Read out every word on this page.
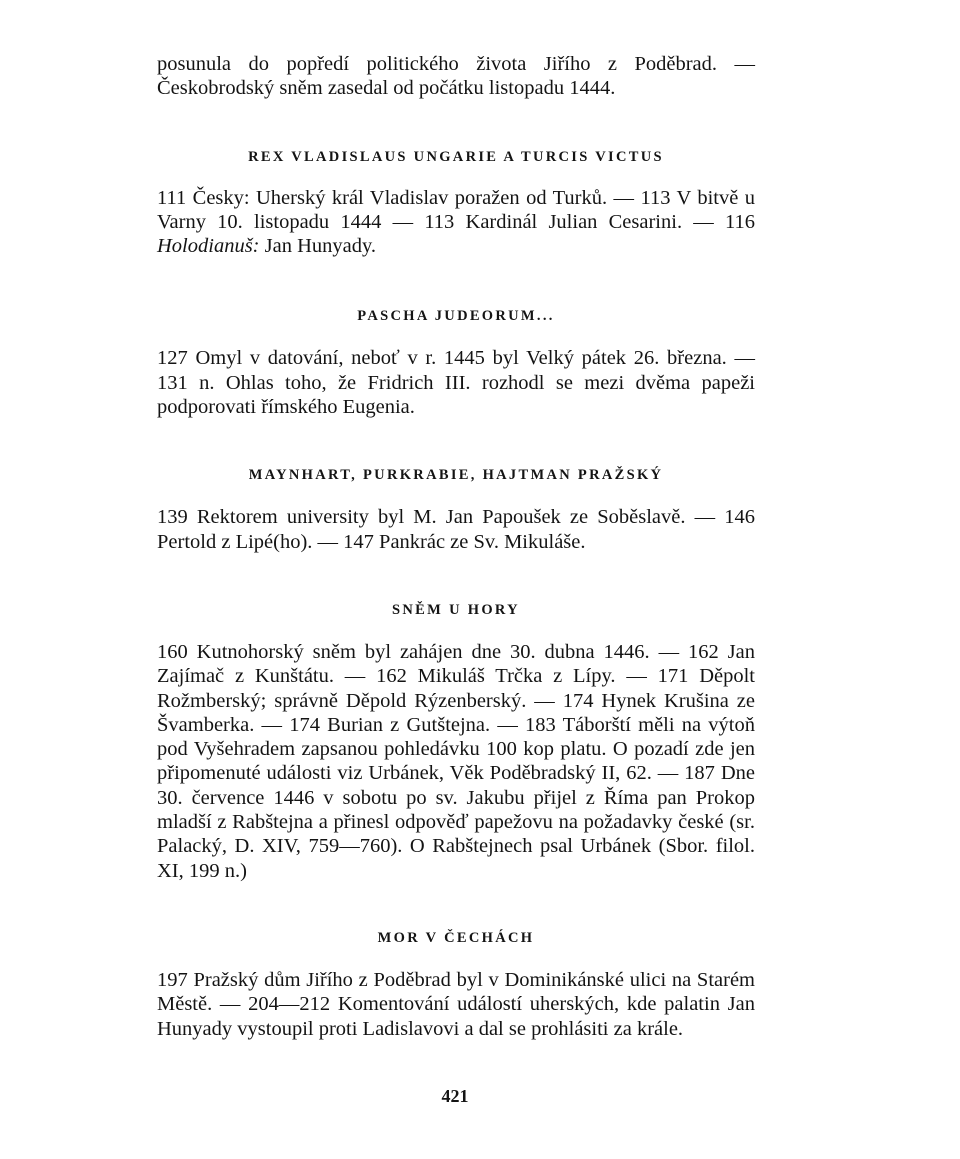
posunula do popředí politického života Jiřího z Poděbrad. — Českobrodský sněm zasedal od počátku listopadu 1444.

REX VLADISLAUS UNGARIE A TURCIS VICTUS

111 Česky: Uherský král Vladislav poražen od Turků. — 113 V bitvě u Varny 10. listopadu 1444 — 113 Kardinál Julian Cesarini. — 116 Holodianuš: Jan Hunyady.

PASCHA JUDEORUM...

127 Omyl v datování, neboť v r. 1445 byl Velký pátek 26. března. — 131 n. Ohlas toho, že Fridrich III. rozhodl se mezi dvěma papeži podporovati římského Eugenia.

MAYNHART, PURKRABIE, HAJTMAN PRAŽSKÝ

139 Rektorem university byl M. Jan Papoušek ze Soběslavě. — 146 Pertold z Lipé(ho). — 147 Pankrác ze Sv. Mikuláše.

SNĚM U HORY

160 Kutnohorský sněm byl zahájen dne 30. dubna 1446. — 162 Jan Zajímač z Kunštátu. — 162 Mikuláš Trčka z Lípy. — 171 Děpolt Rožmberský; správně Děpold Rýzenberský. — 174 Hynek Krušina ze Švamberka. — 174 Burian z Gutštejna. — 183 Táborští měli na výtoň pod Vyšehradem zapsanou pohledávku 100 kop platu. O pozadí zde jen připomenuté události viz Urbánek, Věk Poděbradský II, 62. — 187 Dne 30. července 1446 v sobotu po sv. Jakubu přijel z Říma pan Prokop mladší z Rabštejna a přinesl odpověď papežovu na požadavky české (sr. Palacký, D. XIV, 759—760). O Rabštejnech psal Urbánek (Sbor. filol. XI, 199 n.)

MOR V ČECHÁCH

197 Pražský dům Jiřího z Poděbrad byl v Dominikánské ulici na Starém Městě. — 204—212 Komentování událostí uherských, kde palatin Jan Hunyady vystoupil proti Ladislavovi a dal se prohlásiti za krále.

421
